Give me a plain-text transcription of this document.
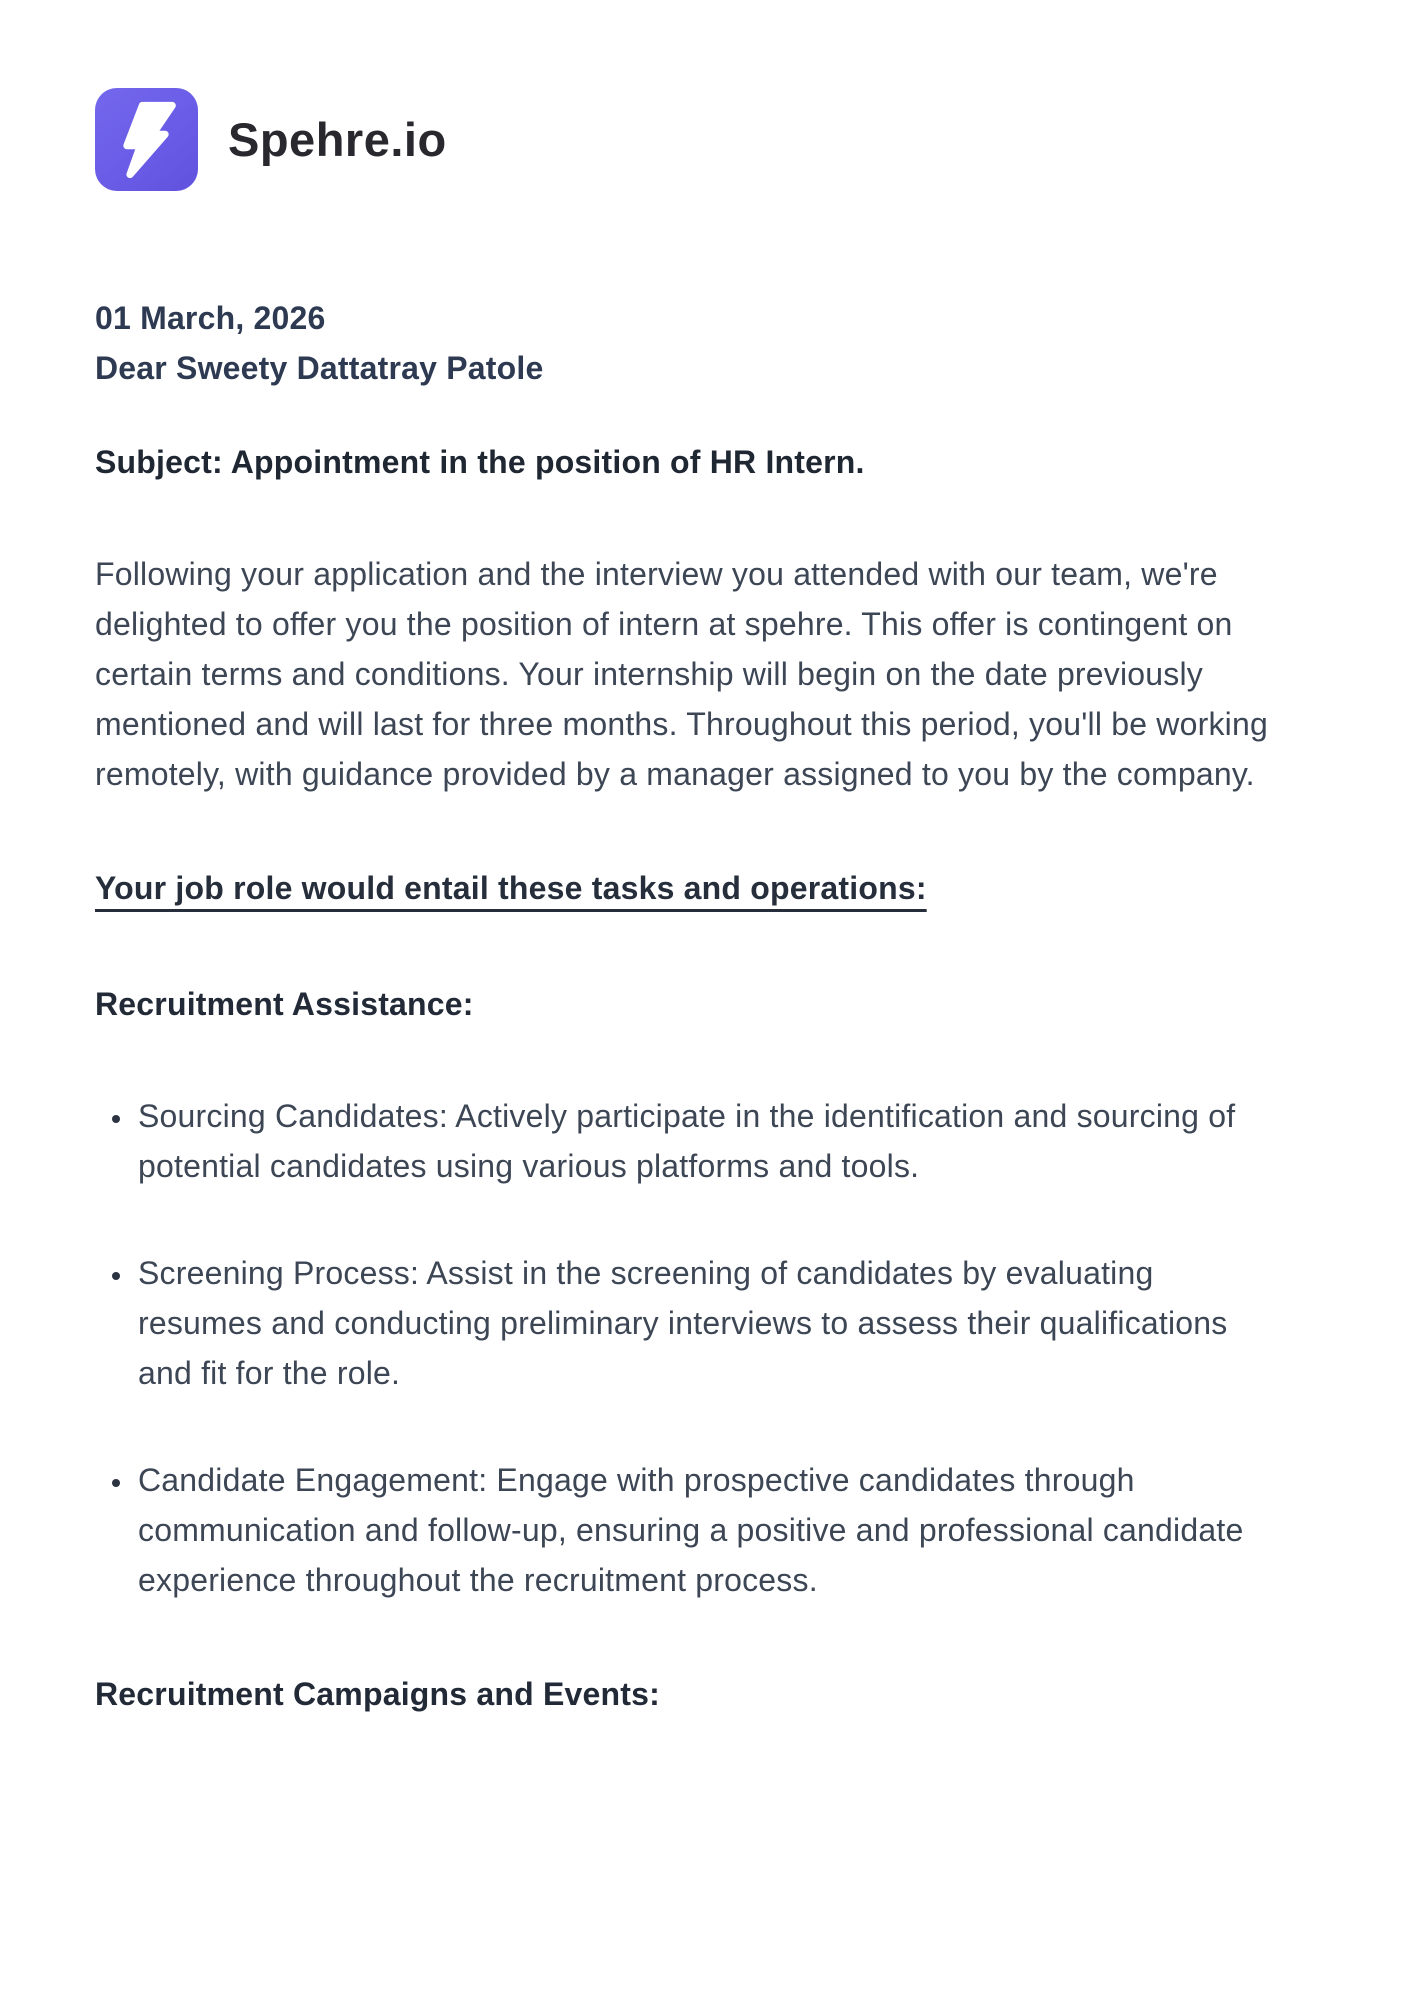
Spehre.io
01 March, 2026
Dear Sweety Dattatray Patole
Subject: Appointment in the position of HR Intern.

Following your application and the interview you attended with our team, we're delighted to offer you the position of intern at spehre. This offer is contingent on certain terms and conditions. Your internship will begin on the date previously mentioned and will last for three months. Throughout this period, you'll be working remotely, with guidance provided by a manager assigned to you by the company.

Your job role would entail these tasks and operations:
Recruitment Assistance:
• Sourcing Candidates: Actively participate in the identification and sourcing of potential candidates using various platforms and tools.
• Screening Process: Assist in the screening of candidates by evaluating resumes and conducting preliminary interviews to assess their qualifications and fit for the role.
• Candidate Engagement: Engage with prospective candidates through communication and follow-up, ensuring a positive and professional candidate experience throughout the recruitment process.
Recruitment Campaigns and Events:
